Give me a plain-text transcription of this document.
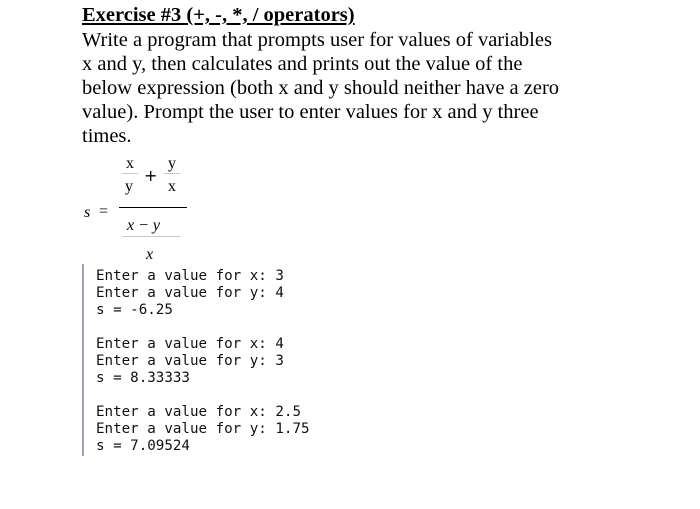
Exercise #3 (+, -, *, / operators)
Write a program that prompts user for values of variables
x and y, then calculates and prints out the value of the
below expression (both x and y should neither have a zero
value). Prompt the user to enter values for x and y three
times.
s =
x
y
+
y
x
x − y
x
Enter a value for x: 3
Enter a value for y: 4
s = -6.25
Enter a value for x: 4
Enter a value for y: 3
s = 8.33333
Enter a value for x: 2.5
Enter a value for y: 1.75
s = 7.09524
